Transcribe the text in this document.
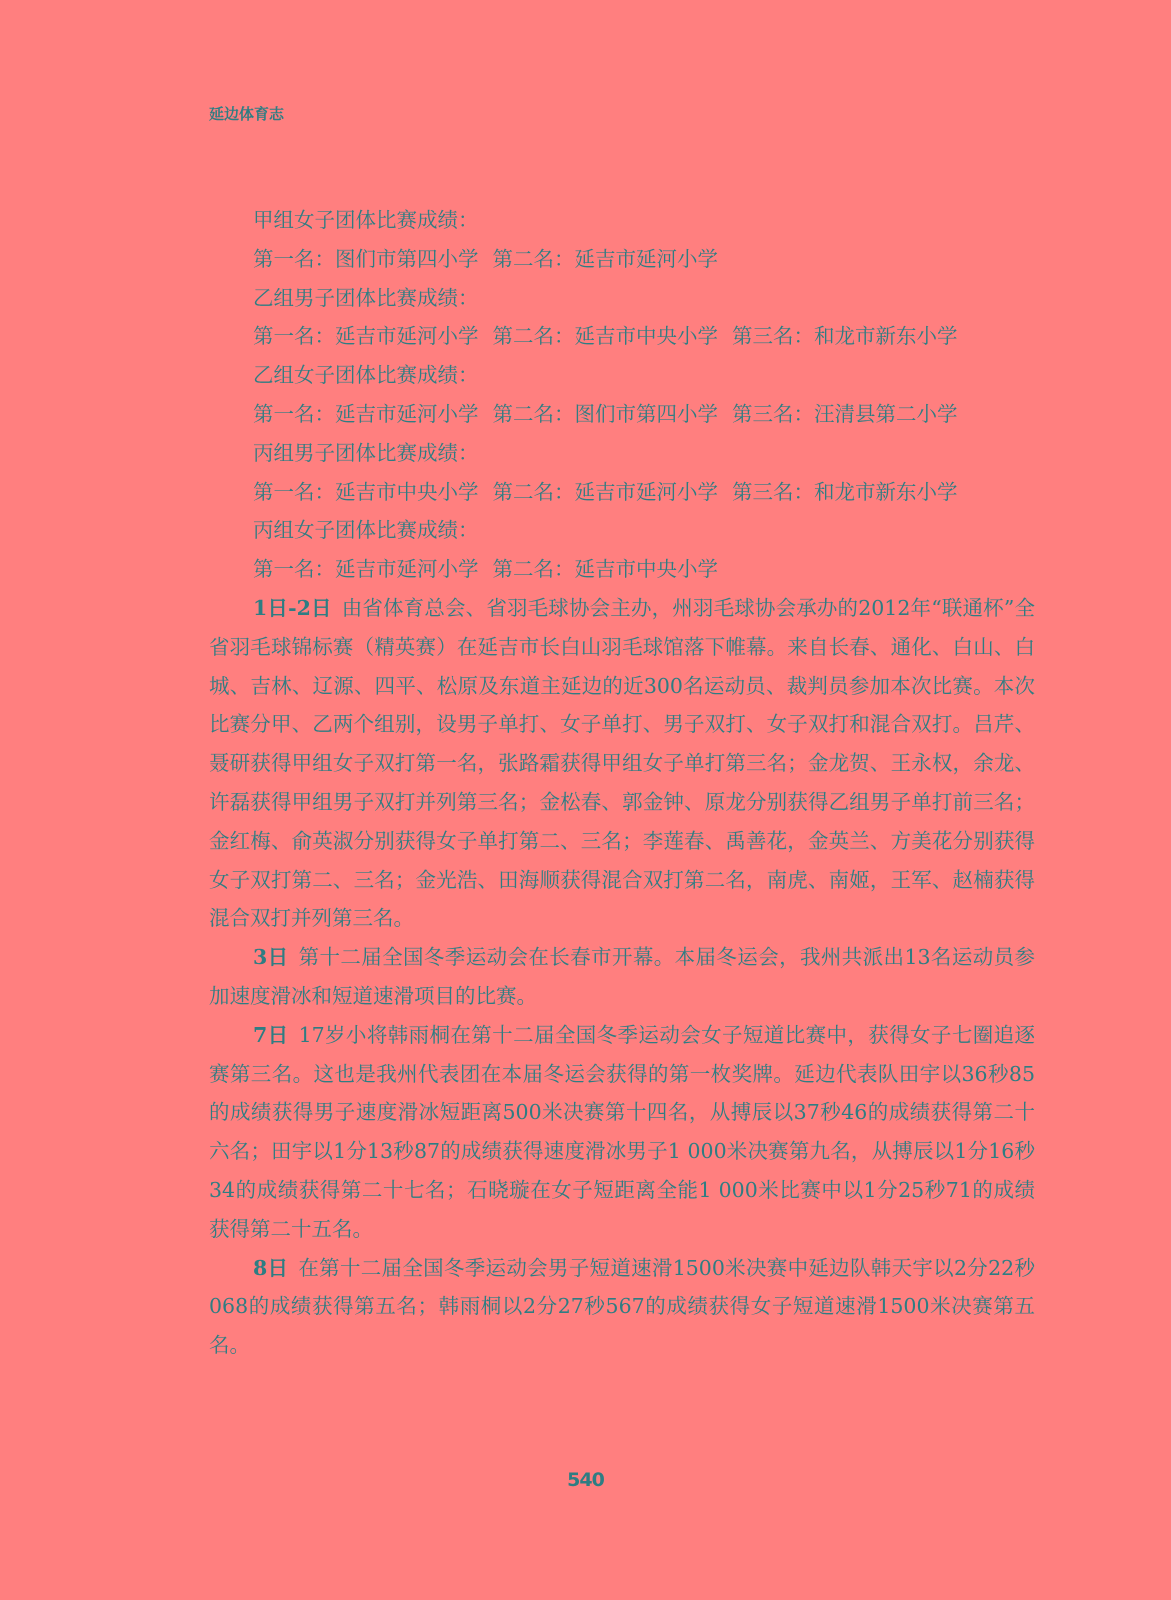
延边体育志
甲组女子团体比赛成绩：
第一名：图们市第四小学 第二名：延吉市延河小学
乙组男子团体比赛成绩：
第一名：延吉市延河小学 第二名：延吉市中央小学 第三名：和龙市新东小学
乙组女子团体比赛成绩：
第一名：延吉市延河小学 第二名：图们市第四小学 第三名：汪清县第二小学
丙组男子团体比赛成绩：
第一名：延吉市中央小学 第二名：延吉市延河小学 第三名：和龙市新东小学
丙组女子团体比赛成绩：
第一名：延吉市延河小学 第二名：延吉市中央小学
1日-2日 由省体育总会、省羽毛球协会主办，州羽毛球协会承办的2012年“联通杯”全省羽毛球锦标赛（精英赛）在延吉市长白山羽毛球馆落下帷幕。来自长春、通化、白山、白城、吉林、辽源、四平、松原及东道主延边的近300名运动员、裁判员参加本次比赛。本次比赛分甲、乙两个组别，设男子单打、女子单打、男子双打、女子双打和混合双打。吕芹、聂研获得甲组女子双打第一名，张路霜获得甲组女子单打第三名；金龙贺、王永权，余龙、许磊获得甲组男子双打并列第三名；金松春、郭金钟、原龙分别获得乙组男子单打前三名；金红梅、俞英淑分别获得女子单打第二、三名；李莲春、禹善花，金英兰、方美花分别获得女子双打第二、三名；金光浩、田海顺获得混合双打第二名，南虎、南姬，王军、赵楠获得混合双打并列第三名。
3日 第十二届全国冬季运动会在长春市开幕。本届冬运会，我州共派出13名运动员参加速度滑冰和短道速滑项目的比赛。
7日 17岁小将韩雨桐在第十二届全国冬季运动会女子短道比赛中，获得女子七圈追逐赛第三名。这也是我州代表团在本届冬运会获得的第一枚奖牌。延边代表队田宇以36秒85的成绩获得男子速度滑冰短距离500米决赛第十四名，从搏辰以37秒46的成绩获得第二十六名；田宇以1分13秒87的成绩获得速度滑冰男子1 000米决赛第九名，从搏辰以1分16秒34的成绩获得第二十七名；石晓璇在女子短距离全能1 000米比赛中以1分25秒71的成绩获得第二十五名。
8日 在第十二届全国冬季运动会男子短道速滑1500米决赛中延边队韩天宇以2分22秒068的成绩获得第五名；韩雨桐以2分27秒567的成绩获得女子短道速滑1500米决赛第五名。
540
